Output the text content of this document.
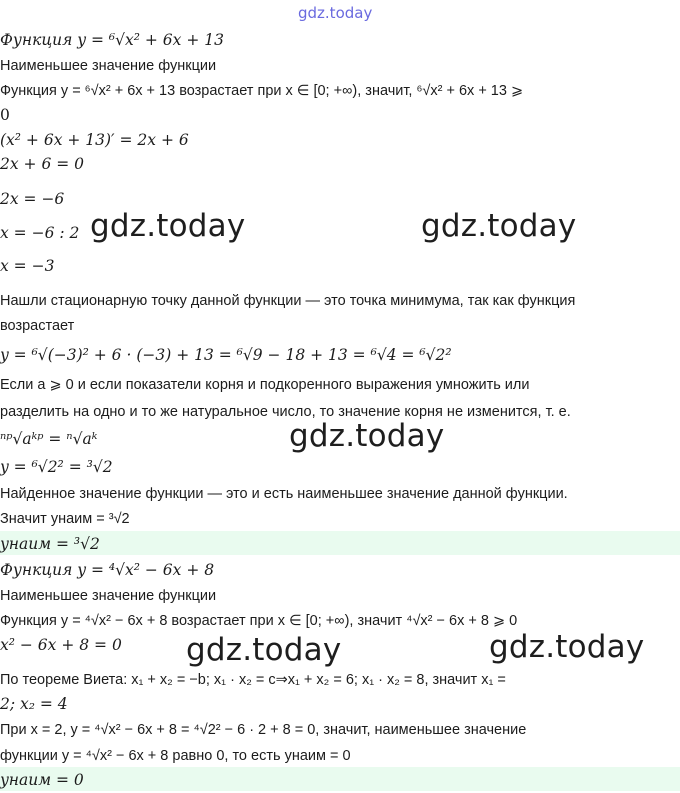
gdz.today
Функция y = ⁶√x² + 6x + 13
Наименьшее значение функции
Функция y = ⁶√x² + 6x + 13 возрастает при x ∈ [0; +∞), значит, ⁶√x² + 6x + 13 ⩾
0
(x² + 6x + 13)′ = 2x + 6
2x + 6 = 0
2x = −6
x = −6 : 2
x = −3
Нашли стационарную точку данной функции — это точка минимума, так как функция
возрастает
y = ⁶√(−3)² + 6 · (−3) + 13 = ⁶√9 − 18 + 13 = ⁶√4 = ⁶√2²
Если a ⩾ 0 и если показатели корня и подкоренного выражения умножить или
разделить на одно и то же натуральное число, то значение корня не изменится, т. е.
ⁿᵖ√aᵏᵖ = ⁿ√aᵏ
y = ⁶√2² = ³√2
Найденное значение функции — это и есть наименьшее значение данной функции.
Значит yнаим = ³√2
yнаим = ³√2
Функция y = ⁴√x² − 6x + 8
Наименьшее значение функции
Функция y = ⁴√x² − 6x + 8 возрастает при x ∈ [0; +∞), значит ⁴√x² − 6x + 8 ⩾ 0
x² − 6x + 8 = 0
По теореме Виета: x₁ + x₂ = −b; x₁ · x₂ = c⇒x₁ + x₂ = 6; x₁ · x₂ = 8, значит x₁ =
2; x₂ = 4
При x = 2, y = ⁴√x² − 6x + 8 = ⁴√2² − 6 · 2 + 8 = 0, значит, наименьшее значение
функции y = ⁴√x² − 6x + 8 равно 0, то есть yнаим = 0
yнаим = 0
gdz.today	gdz.today
gdz.today
gdz.today	gdz.today
